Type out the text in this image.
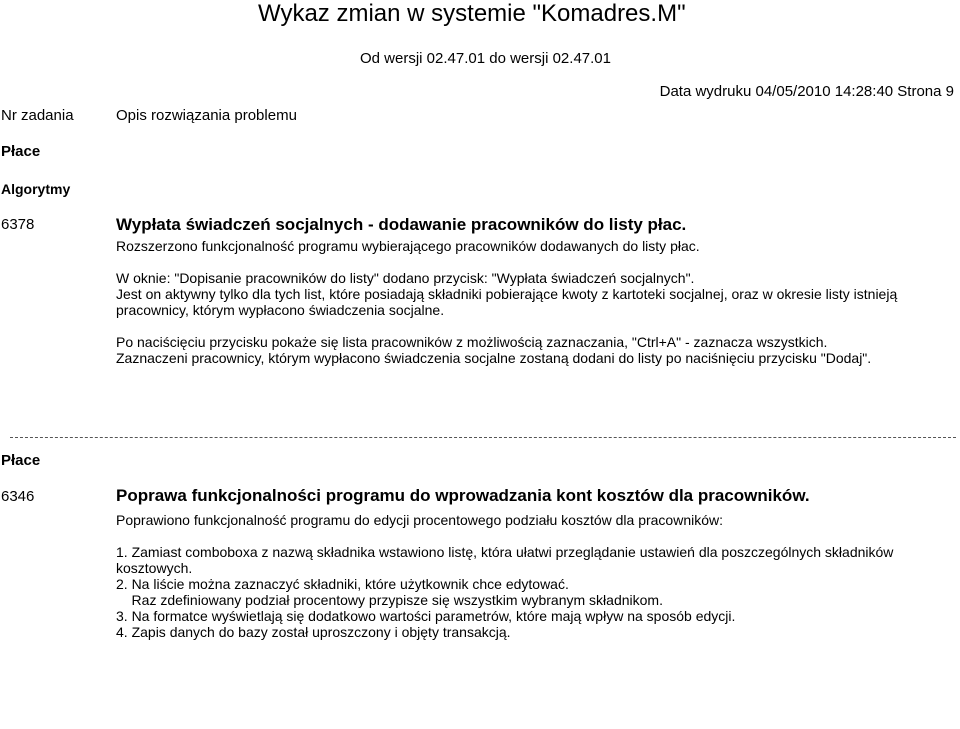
Wykaz zmian w systemie "Komadres.M"
Od wersji 02.47.01 do wersji 02.47.01
Nr zadania	Opis rozwiązania problemu
Data wydruku 04/05/2010 14:28:40 Strona 9
Płace
Algorytmy
6378	Wypłata świadczeń socjalnych - dodawanie pracowników do listy płac.

Rozszerzono funkcjonalność programu wybierającego pracowników dodawanych do listy płac.

W oknie: "Dopisanie pracowników do listy" dodano przycisk: "Wypłata świadczeń socjalnych".

Jest on aktywny tylko dla tych list, które posiadają składniki pobierające kwoty z kartoteki socjalnej, oraz w okresie listy istnieją

pracownicy, którym wypłacono świadczenia socjalne.

Po naciścięciu przycisku pokaże się lista pracowników z możliwością zaznaczania, "Ctrl+A" - zaznacza wszystkich.

Zaznaczeni pracownicy, którym wypłacono świadczenia socjalne zostaną dodani do listy po naciśnięciu przycisku "Dodaj".

Płace
6346	Poprawa funkcjonalności programu do wprowadzania kont kosztów dla pracowników.

Poprawiono funkcjonalność programu do edycji procentowego podziału kosztów dla pracowników:

1. Zamiast comboboxa z nazwą składnika wstawiono listę, która ułatwi przeglądanie ustawień dla poszczególnych składników

kosztowych.

2. Na liście można zaznaczyć składniki, które użytkownik chce edytować.

Raz zdefiniowany podział procentowy przypisze się wszystkim wybranym składnikom.

3. Na formatce wyświetlają się dodatkowo wartości parametrów, które mają wpływ na sposób edycji.

4. Zapis danych do bazy został uproszczony i objęty transakcją.
